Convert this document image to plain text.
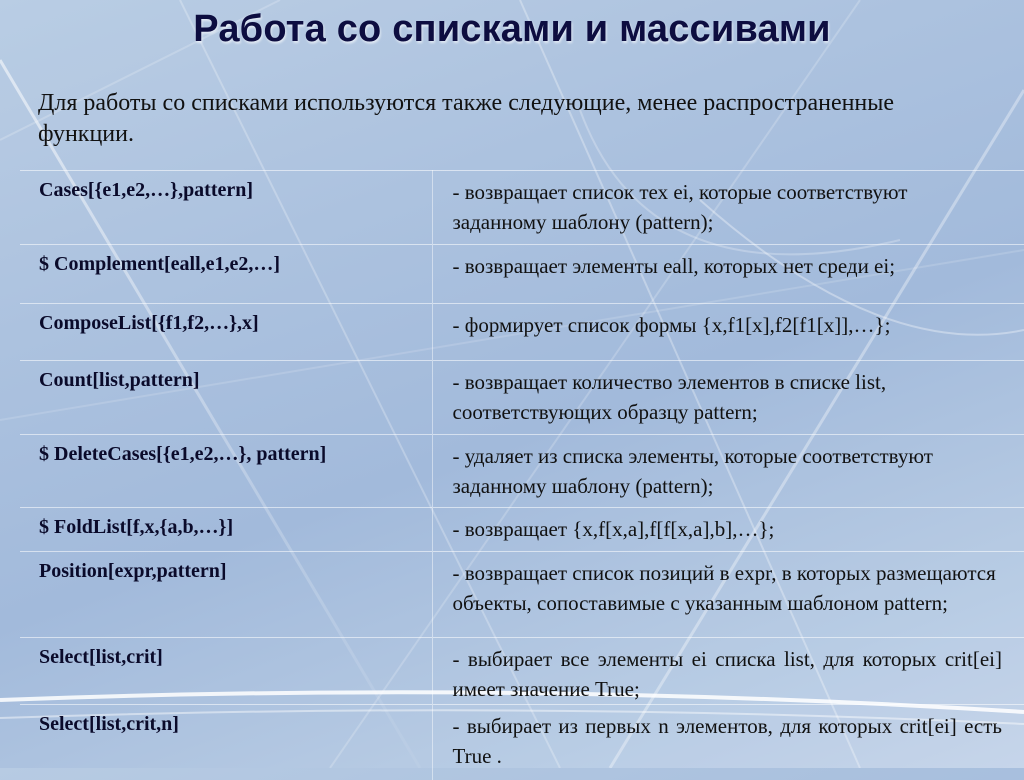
Работа со списками и массивами
Для работы со списками используются также следующие, менее распространенные функции.
Cases[{e1,e2,…},pattern]	- возвращает список тех ei, которые соответствуют заданному шаблону (pattern);
$ Complement[eall,e1,e2,…]	- возвращает элементы eall, которых нет среди ei;
ComposeList[{f1,f2,…},x]	- формирует список формы {x,f1[x],f2[f1[x]],…};
Count[list,pattern]	- возвращает количество элементов в списке list, соответствующих образцу pattern;
$ DeleteCases[{e1,e2,…}, pattern]	- удаляет из списка элементы, которые соответствуют заданному шаблону (pattern);
$ FoldList[f,x,{a,b,…}]	- возвращает {x,f[x,a],f[f[x,a],b],…};
Position[expr,pattern]	- возвращает список позиций в expr, в которых размещаются объекты, сопоставимые с указанным шаблоном pattern;
Select[list,crit]	- выбирает все элементы ei списка list, для которых crit[ei] имеет значение True;
Select[list,crit,n]	- выбирает из первых n элементов, для которых crit[ei] есть True .
